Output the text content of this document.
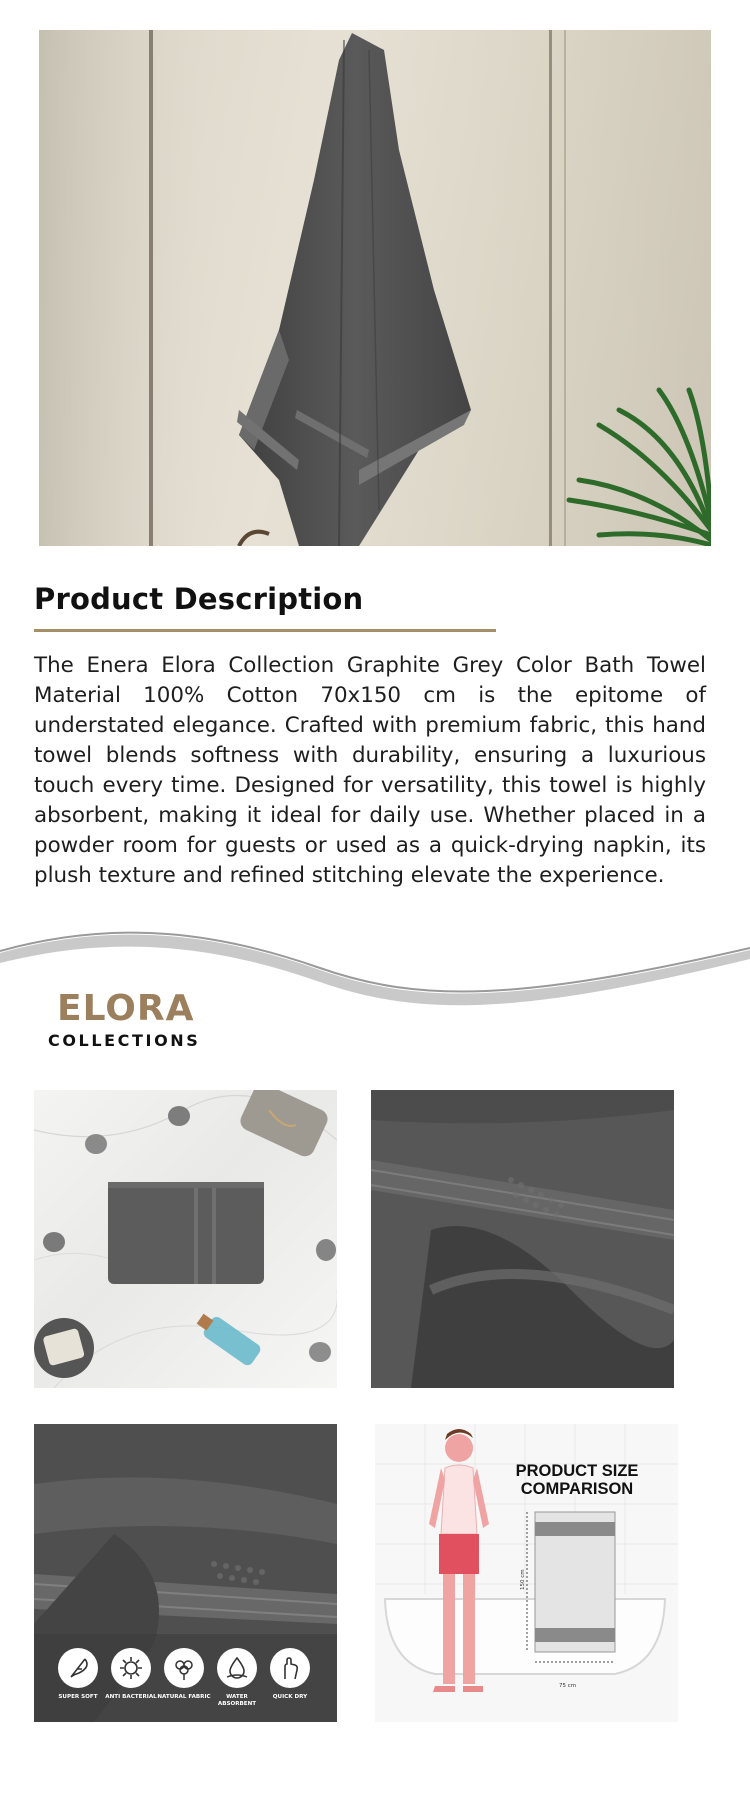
Product Description

The Enera Elora Collection Graphite Grey Color Bath Towel Material 100% Cotton 70x150 cm is the epitome of understated elegance. Crafted with premium fabric, this hand towel blends softness with durability, ensuring a luxurious touch every time. Designed for versatility, this towel is highly absorbent, making it ideal for daily use. Whether placed in a powder room for guests or used as a quick-drying napkin, its plush texture and refined stitching elevate the experience.

ELORA
COLLECTIONS
SUPER SOFT	ANTI BACTERIAL NATURAL FABRIC	WATER ABSORBENT
QUICK DRY
PRODUCT SIZE
COMPARISON
75 cm
150 cm
